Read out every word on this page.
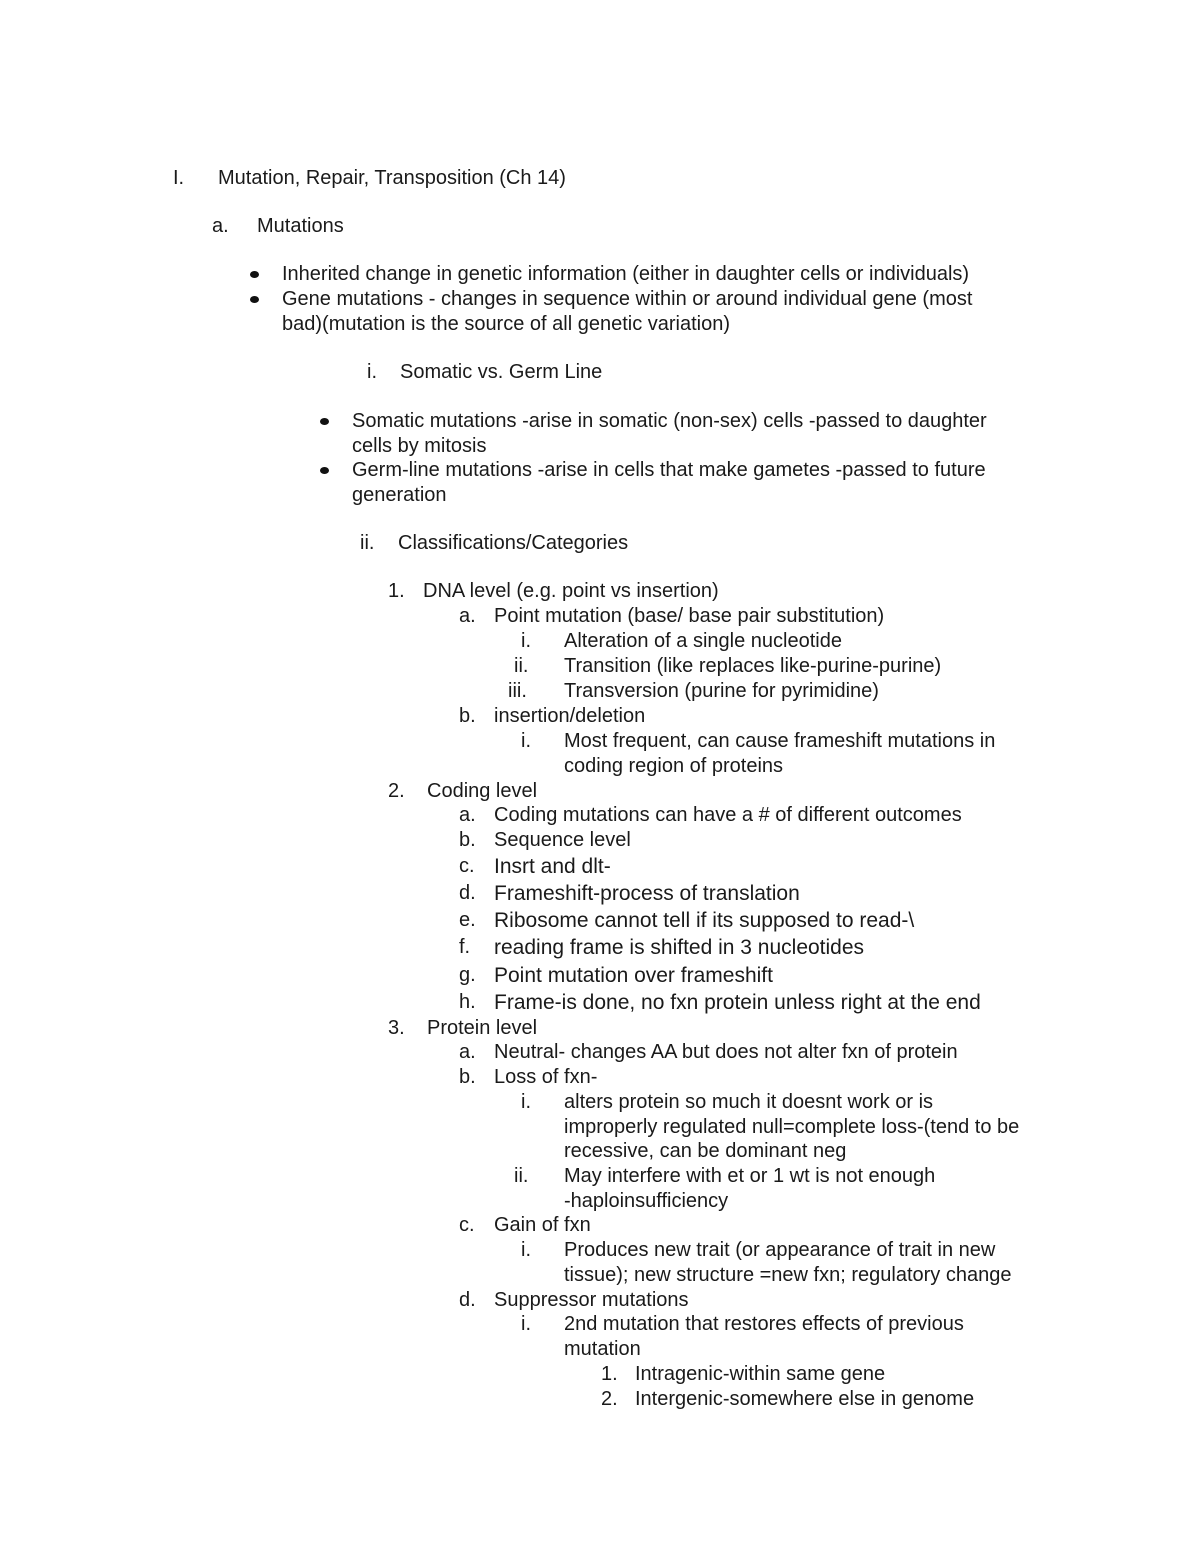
I. Mutation, Repair, Transposition (Ch 14)
a. Mutations
Inherited change in genetic information (either in daughter cells or individuals)
Gene mutations - changes in sequence within or around individual gene (most
bad)(mutation is the source of all genetic variation)
i. Somatic vs. Germ Line
Somatic mutations -arise in somatic (non-sex) cells -passed to daughter
cells by mitosis
Germ-line mutations -arise in cells that make gametes -passed to future
generation
ii. Classifications/Categories
1. DNA level (e.g. point vs insertion)
a. Point mutation (base/ base pair substitution)
i. Alteration of a single nucleotide
ii. Transition (like replaces like-purine-purine)
iii. Transversion (purine for pyrimidine)
b. insertion/deletion
i. Most frequent, can cause frameshift mutations in
coding region of proteins
2. Coding level
a. Coding mutations can have a # of different outcomes
b. Sequence level
c. Insrt and dlt-
d. Frameshift-process of translation
e. Ribosome cannot tell if its supposed to read-\
f. reading frame is shifted in 3 nucleotides
g. Point mutation over frameshift
h. Frame-is done, no fxn protein unless right at the end
3. Protein level
a. Neutral- changes AA but does not alter fxn of protein
b. Loss of fxn-
i. alters protein so much it doesnt work or is
improperly regulated null=complete loss-(tend to be
recessive, can be dominant neg
ii. May interfere with et or 1 wt is not enough
-haploinsufficiency
c. Gain of fxn
i. Produces new trait (or appearance of trait in new
tissue); new structure =new fxn; regulatory change
d. Suppressor mutations
i. 2nd mutation that restores effects of previous
mutation
1. Intragenic-within same gene
2. Intergenic-somewhere else in genome
